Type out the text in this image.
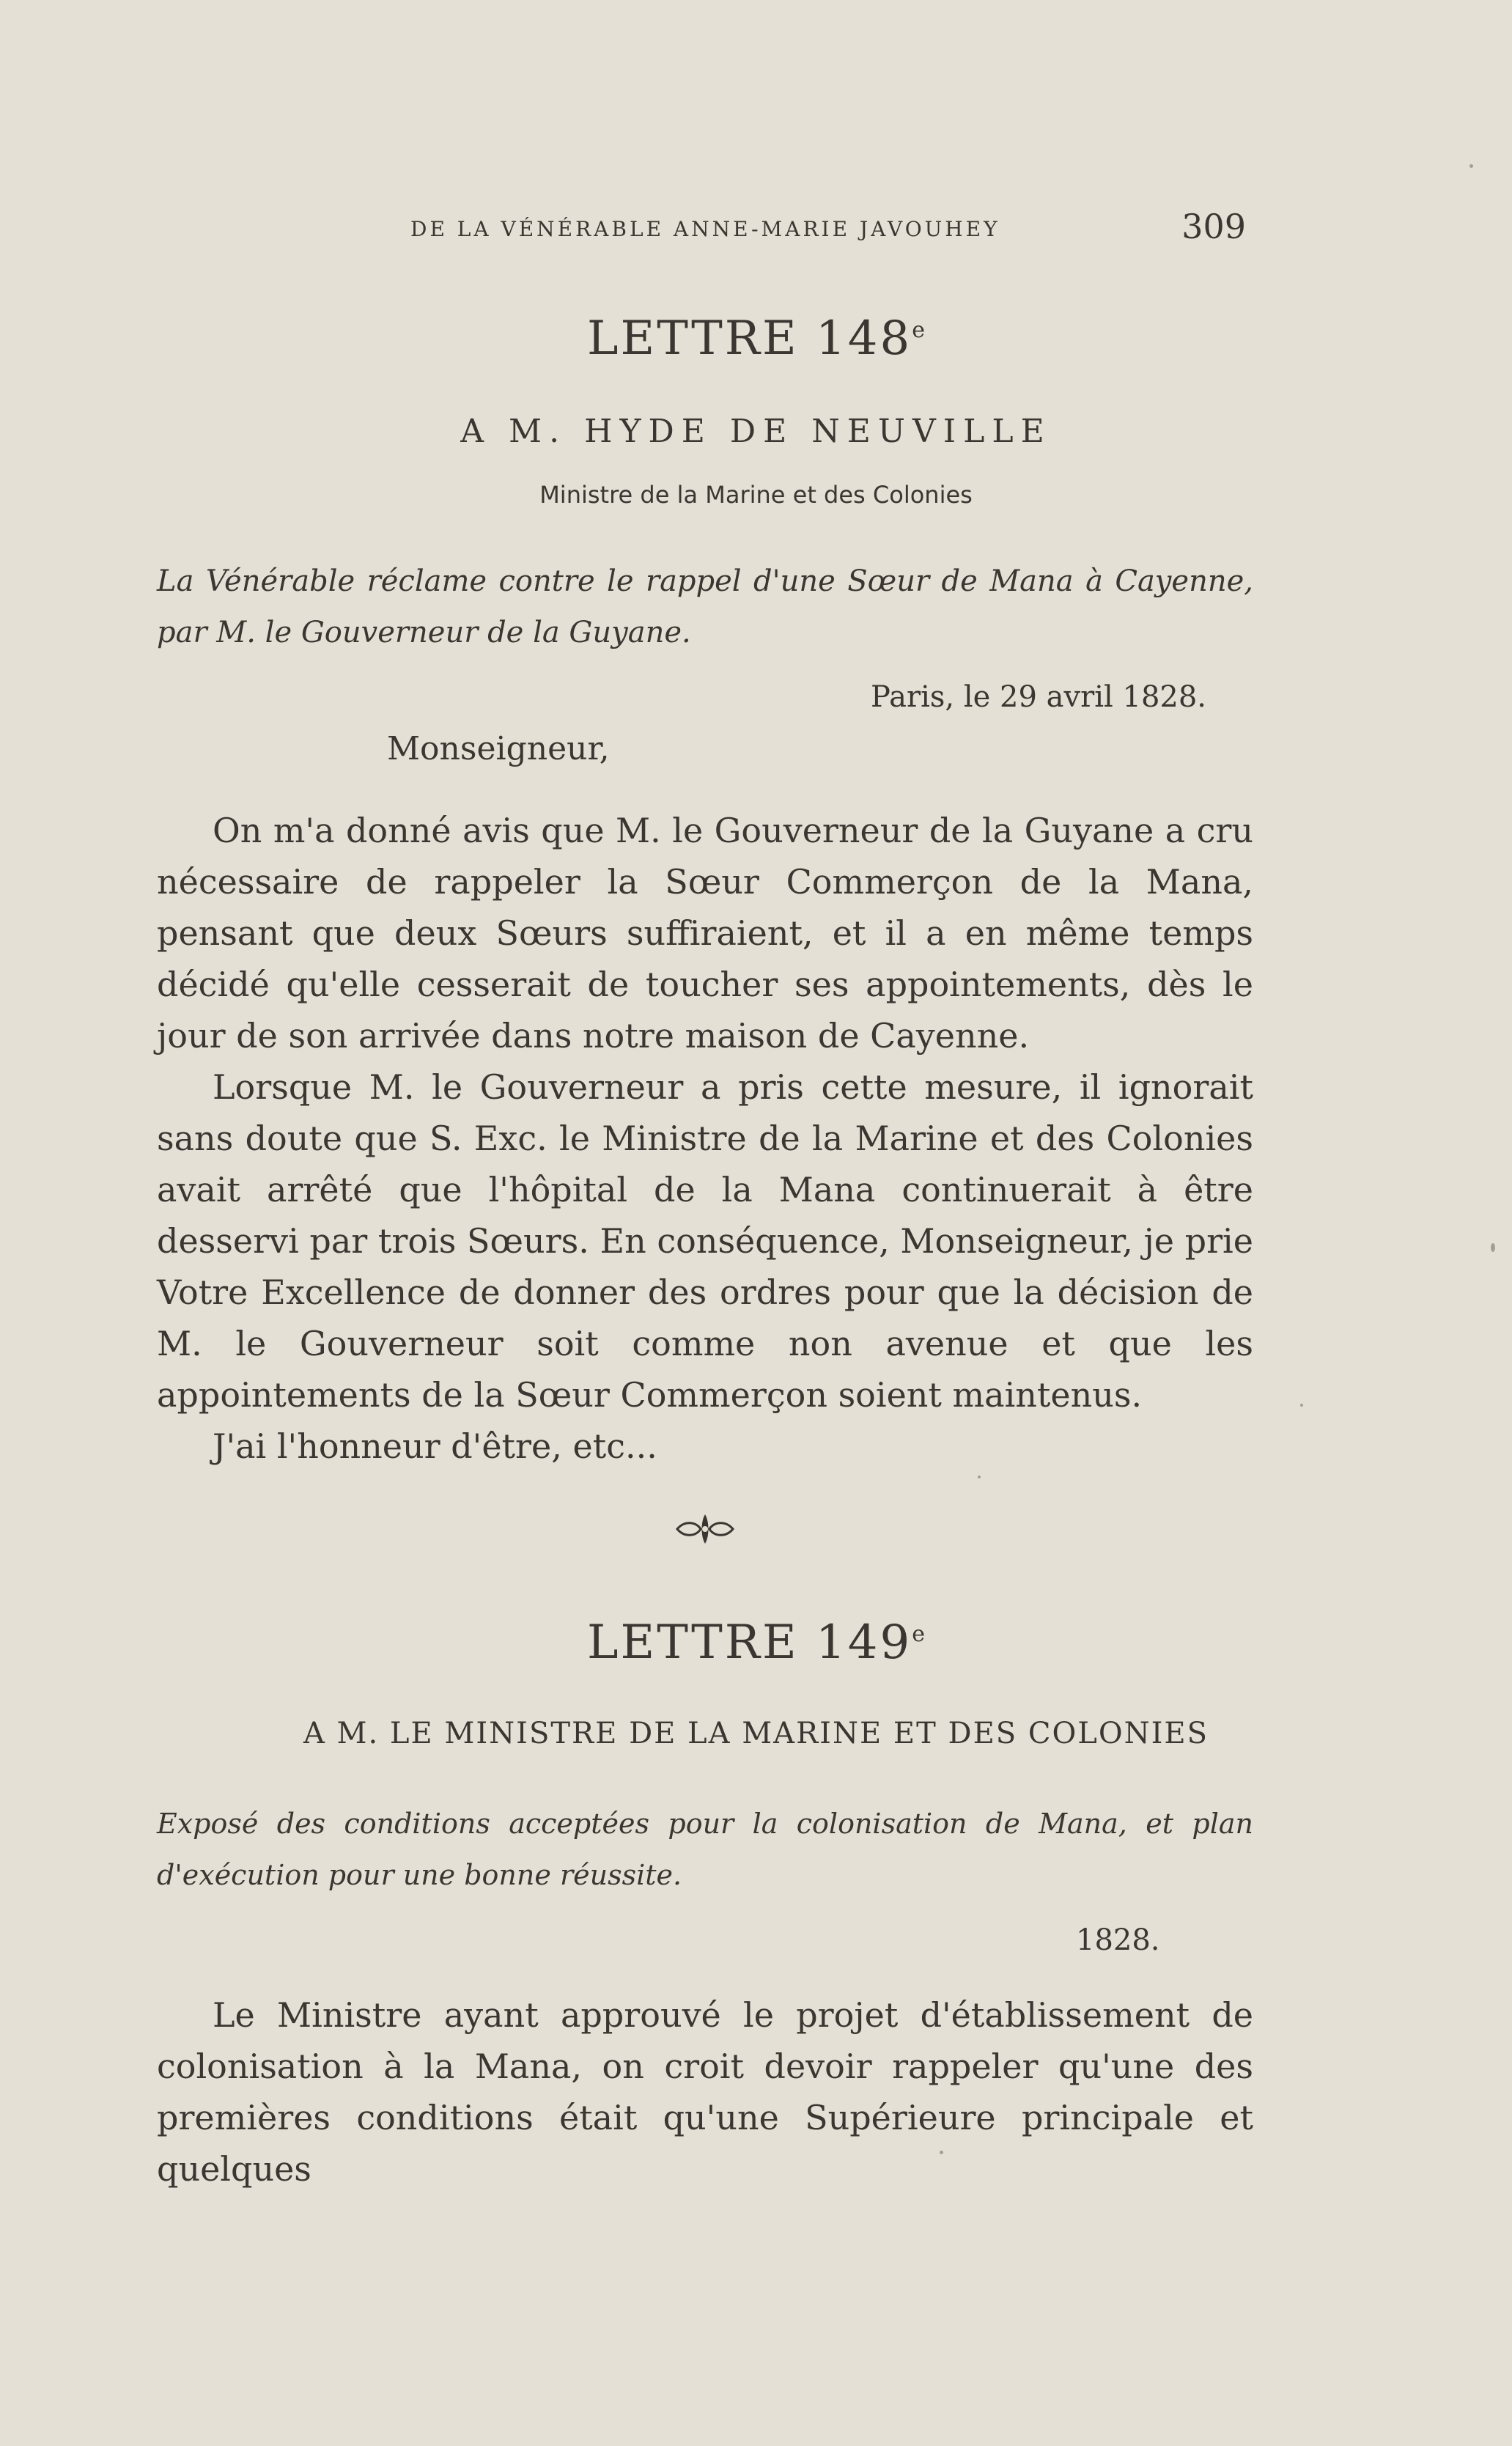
DE LA VÉNÉRABLE ANNE-MARIE JAVOUHEY	309
LETTRE 148e
A M. HYDE DE NEUVILLE
Ministre de la Marine et des Colonies

La Vénérable réclame contre le rappel d'une Sœur de Mana à Cayenne, par M. le Gouverneur de la Guyane.

Paris, le 29 avril 1828.
Monseigneur,

On m'a donné avis que M. le Gouverneur de la Guyane a cru nécessaire de rappeler la Sœur Commerçon de la Mana, pensant que deux Sœurs suffiraient, et il a en même temps décidé qu'elle cesserait de toucher ses appointements, dès le jour de son arrivée dans notre maison de Cayenne.

Lorsque M. le Gouverneur a pris cette mesure, il ignorait sans doute que S. Exc. le Ministre de la Marine et des Colonies avait arrêté que l'hôpital de la Mana continuerait à être desservi par trois Sœurs. En conséquence, Monseigneur, je prie Votre Excellence de donner des ordres pour que la décision de M. le Gouverneur soit comme non avenue et que les appointements de la Sœur Commerçon soient maintenus.

J'ai l'honneur d'être, etc...

LETTRE 149e
A M. LE MINISTRE DE LA MARINE ET DES COLONIES

Exposé des conditions acceptées pour la colonisation de Mana, et plan d'exécution pour une bonne réussite.

1828.

Le Ministre ayant approuvé le projet d'établissement de colonisation à la Mana, on croit devoir rappeler qu'une des premières conditions était qu'une Supérieure principale et quelques
